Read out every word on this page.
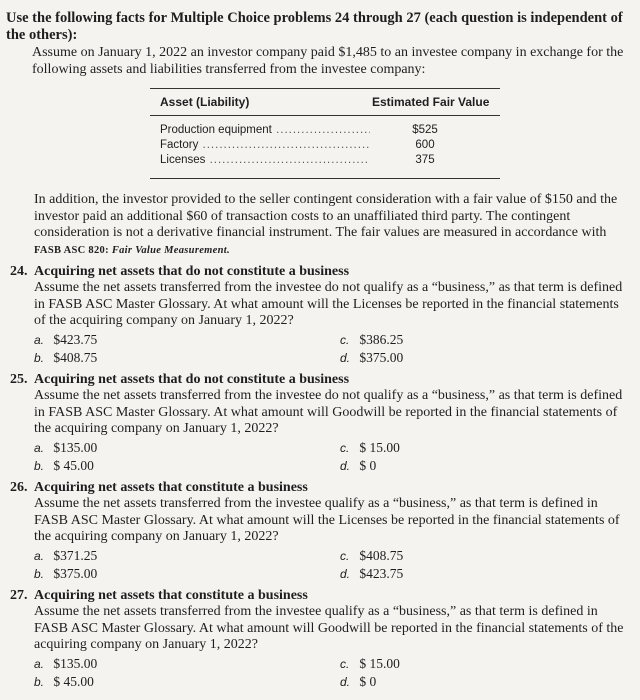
Use the following facts for Multiple Choice problems 24 through 27 (each question is independent of the others):
Assume on January 1, 2022 an investor company paid $1,485 to an investee company in exchange for the following assets and liabilities transferred from the investee company:
Asset (Liability)	Estimated Fair Value
Production equipment .....	$525
Factory .....	600
Licenses .....	375
In addition, the investor provided to the seller contingent consideration with a fair value of $150 and the investor paid an additional $60 of transaction costs to an unaffiliated third party. The contingent consideration is not a derivative financial instrument. The fair values are measured in accordance with
FASB ASC 820: Fair Value Measurement.
24. Acquiring net assets that do not constitute a business
Assume the net assets transferred from the investee do not qualify as a “business,” as that term is defined in FASB ASC Master Glossary. At what amount will the Licenses be reported in the financial statements of the acquiring company on January 1, 2022?
a. $423.75
b. $408.75
c. $386.25
d. $375.00
25. Acquiring net assets that do not constitute a business
Assume the net assets transferred from the investee do not qualify as a “business,” as that term is defined in FASB ASC Master Glossary. At what amount will Goodwill be reported in the financial statements of the acquiring company on January 1, 2022?
a. $135.00
b. $ 45.00
c. $ 15.00
d. $ 0
26. Acquiring net assets that constitute a business
Assume the net assets transferred from the investee qualify as a “business,” as that term is defined in FASB ASC Master Glossary. At what amount will the Licenses be reported in the financial statements of the acquiring company on January 1, 2022?
a. $371.25
b. $375.00
c. $408.75
d. $423.75
27. Acquiring net assets that constitute a business
Assume the net assets transferred from the investee qualify as a “business,” as that term is defined in FASB ASC Master Glossary. At what amount will Goodwill be reported in the financial statements of the acquiring company on January 1, 2022?
a. $135.00
b. $ 45.00
c. $ 15.00
d. $ 0
